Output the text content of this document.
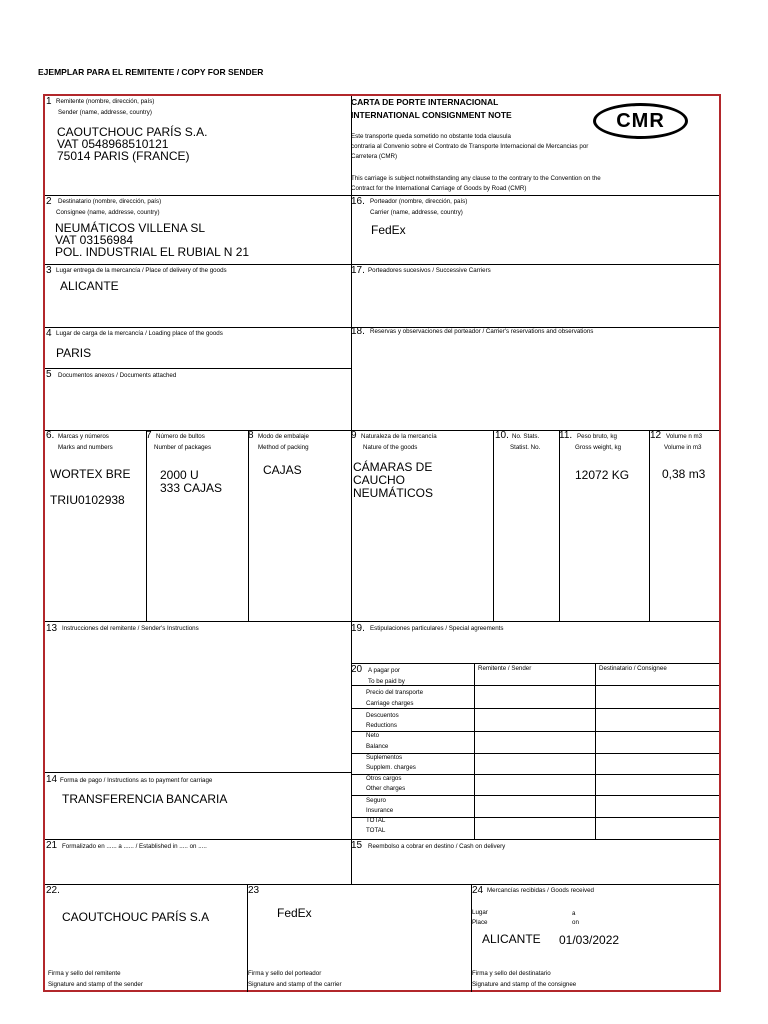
EJEMPLAR PARA EL REMITENTE / COPY FOR SENDER
1 Remitente (nombre, dirección, país)
Sender (name, addresse, country)
CAOUTCHOUC PARÍS S.A.
VAT 0548968510121
75014 PARIS (FRANCE)
CARTA DE PORTE INTERNACIONAL
INTERNATIONAL CONSIGNMENT NOTE	CMR
Este transporte queda sometido no obstante toda clausula
contraria al Convenio sobre el Contrato de Transporte Internacional de Mercancias por
Carretera (CMR)
This carriage is subject notwithstanding any clause to the contrary to the Convention on the
Contract for the International Carriage of Goods by Road (CMR)
2 Destinatario (nombre, dirección, país)
Consignee (name, addresse, country)
NEUMÁTICOS VILLENA SL
VAT 03156984
POL. INDUSTRIAL EL RUBIAL N 21
16. Porteador (nombre, dirección, país)
Carrier (name, addresse, country)
FedEx
3 Lugar entrega de la mercancía / Place of delivery of the goods
ALICANTE
17. Porteadores sucesivos / Successive Carriers
4 Lugar de carga de la mercancía / Loading place of the goods
PARIS
18. Reservas y observaciones del porteador / Carrier's reservations and observations
5 Documentos anexos / Documents attached
6. Marcas y números
Marks and numbers
WORTEX BRE
TRIU0102938
7 Número de bultos
Number of packages
2000 U
333 CAJAS
8 Modo de embalaje
Method of packing
CAJAS
9 Naturaleza de la mercancía
Nature of the goods
CÁMARAS DE
CAUCHO
NEUMÁTICOS
10. No. Stats.
Statist. No.
11. Peso bruto, kg
Gross weight, kg
12072 KG
12 Volume n m3
Volume in m3
0,38 m3
13 Instrucciones del remitente / Sender's Instructions	19. Estipulaciones particulares / Special agreements
20 A pagar por
To be paid by
Remitente / Sender	Destinatario / Consignee
Precio del transporte
Carriage charges
Descuentos
Reductions
Neto
Balance
Suplementos
Supplem. charges
Otros cargos
Other charges
Seguro
Insurance
TOTAL
TOTAL
14 Forma de pago / Instructions as to payment for carriage
TRANSFERENCIA BANCARIA
21 Formalizado en ...... a ...... / Established in ..... on .....	15 Reembolso a cobrar en destino / Cash on delivery
22.
CAOUTCHOUC PARÍS S.A
Firma y sello del remitente
Signature and stamp of the sender
23
FedEx
Firma y sello del porteador
Signature and stamp of the carrier
24 Mercancías recibidas / Goods received
Lugar
Place
a
on
ALICANTE 01/03/2022
Firma y sello del destinatario
Signature and stamp of the consignee
